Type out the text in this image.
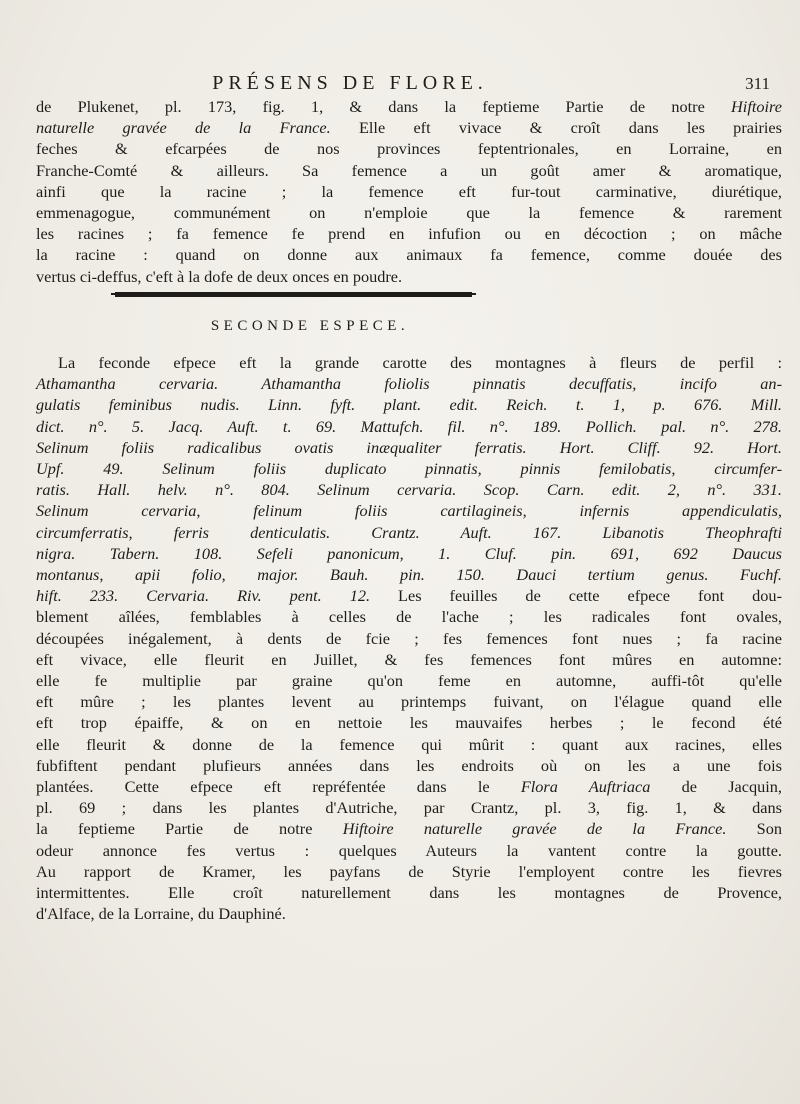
PRÉSENS DE FLORE.	311
de Plukenet, pl. 173, fig. 1, & dans la feptieme Partie de notre Hiftoire
naturelle gravée de la France. Elle eft vivace & croît dans les prairies
feches & efcarpées de nos provinces feptentrionales, en Lorraine, en
Franche-Comté & ailleurs. Sa femence a un goût amer & aromatique,
ainfi que la racine ; la femence eft fur-tout carminative, diurétique,
emmenagogue, communément on n'emploie que la femence & rarement
les racines ; fa femence fe prend en infufion ou en décoction ; on mâche
la racine : quand on donne aux animaux fa femence, comme douée des
vertus ci-deffus, c'eft à la dofe de deux onces en poudre.
SECONDE ESPECE.
La feconde efpece eft la grande carotte des montagnes à fleurs de perfil :
Athamantha cervaria. Athamantha foliolis pinnatis decuffatis, incifo an-
gulatis feminibus nudis. Linn. fyft. plant. edit. Reich. t. 1, p. 676. Mill.
dict. n°. 5. Jacq. Auft. t. 69. Mattufch. fil. n°. 189. Pollich. pal. n°. 278.
Selinum foliis radicalibus ovatis inæqualiter ferratis. Hort. Cliff. 92. Hort.
Upf. 49. Selinum foliis duplicato pinnatis, pinnis femilobatis, circumfer-
ratis. Hall. helv. n°. 804. Selinum cervaria. Scop. Carn. edit. 2, n°. 331.
Selinum cervaria, felinum foliis cartilagineis, infernis appendiculatis,
circumferratis, ferris denticulatis. Crantz. Auft. 167. Libanotis Theophrafti
nigra. Tabern. 108. Sefeli panonicum, 1. Cluf. pin. 691, 692 Daucus
montanus, apii folio, major. Bauh. pin. 150. Dauci tertium genus. Fuchf.
hift. 233. Cervaria. Riv. pent. 12. Les feuilles de cette efpece font dou-
blement aîlées, femblables à celles de l'ache ; les radicales font ovales,
découpées inégalement, à dents de fcie ; fes femences font nues ; fa racine
eft vivace, elle fleurit en Juillet, & fes femences font mûres en automne:
elle fe multiplie par graine qu'on feme en automne, auffi-tôt qu'elle
eft mûre ; les plantes levent au printemps fuivant, on l'élague quand elle
eft trop épaiffe, & on en nettoie les mauvaifes herbes ; le fecond été
elle fleurit & donne de la femence qui mûrit : quant aux racines, elles
fubfiftent pendant plufieurs années dans les endroits où on les a une fois
plantées. Cette efpece eft repréfentée dans le Flora Auftriaca de Jacquin,
pl. 69 ; dans les plantes d'Autriche, par Crantz, pl. 3, fig. 1, & dans
la feptieme Partie de notre Hiftoire naturelle gravée de la France. Son
odeur annonce fes vertus : quelques Auteurs la vantent contre la goutte.
Au rapport de Kramer, les payfans de Styrie l'employent contre les fievres
intermittentes. Elle croît naturellement dans les montagnes de Provence,
d'Alface, de la Lorraine, du Dauphiné.
